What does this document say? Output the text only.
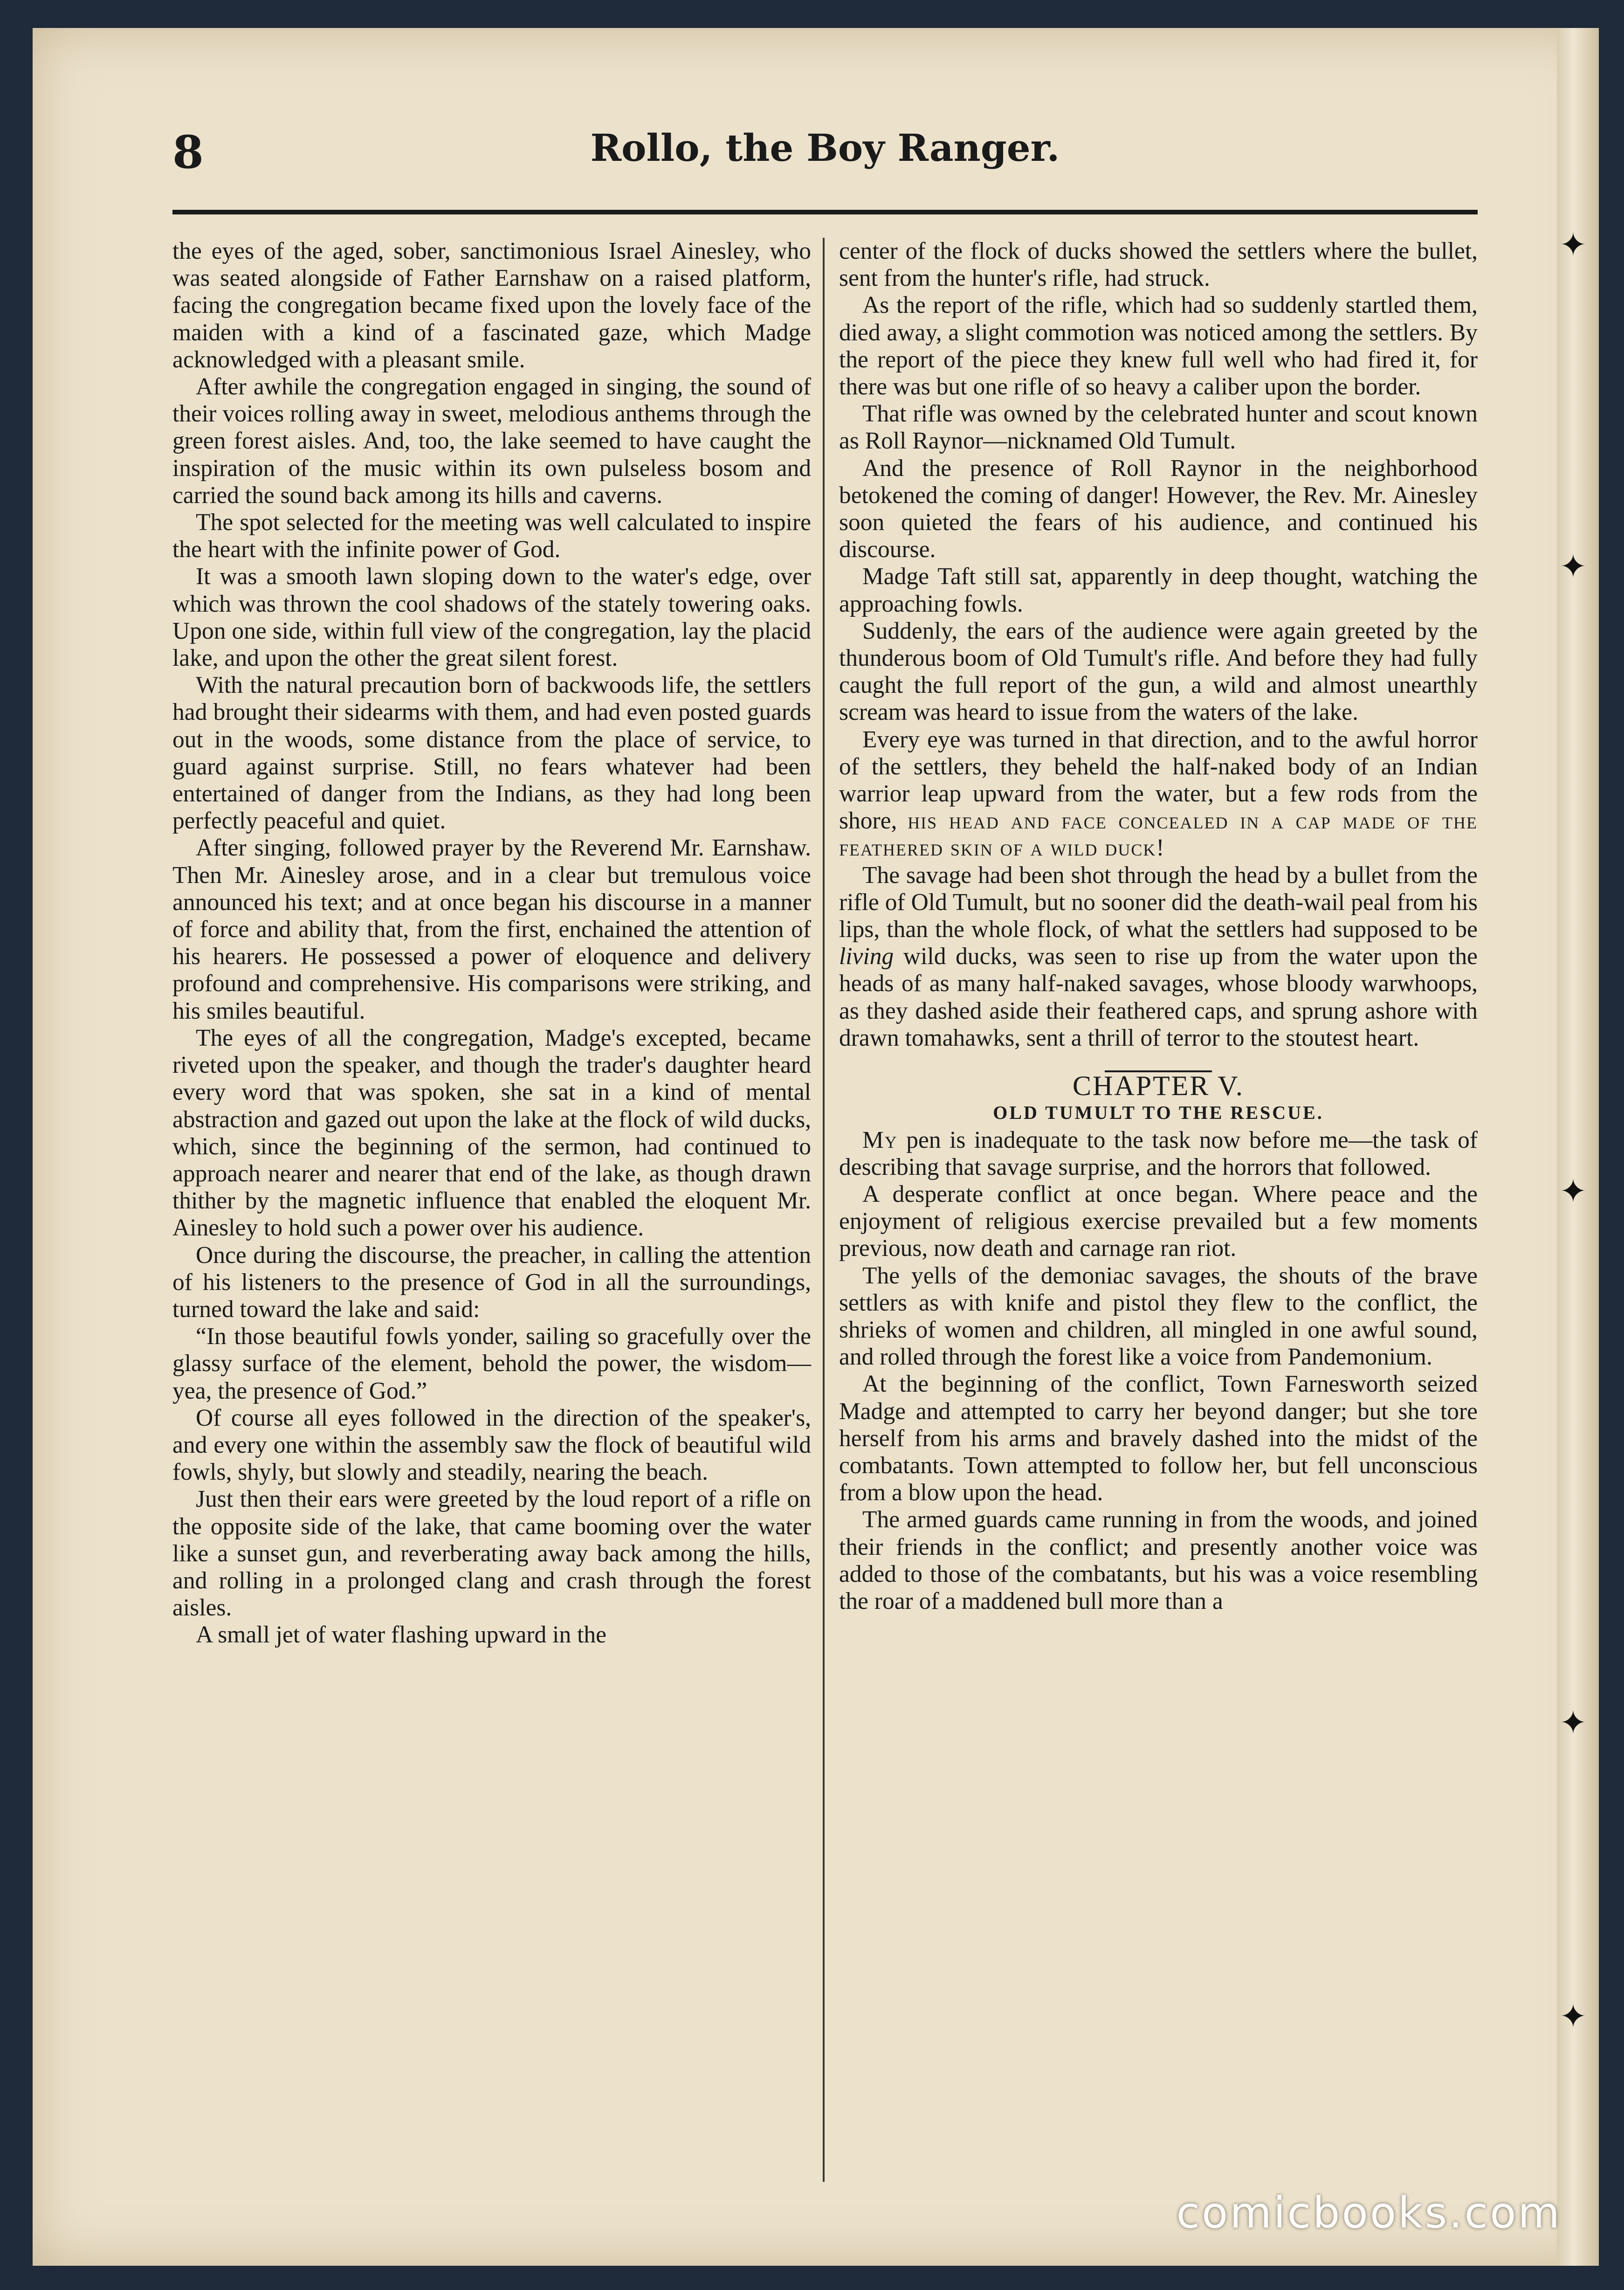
8	Rollo, the Boy Ranger.

the eyes of the aged, sober, sanctimonious Israel Ainesley, who was seated alongside of Father Earnshaw on a raised platform, facing the congregation became fixed upon the lovely face of the maiden with a kind of a fascinated gaze, which Madge acknowledged with a pleasant smile.

After awhile the congregation engaged in singing, the sound of their voices rolling away in sweet, melodious anthems through the green forest aisles. And, too, the lake seemed to have caught the inspiration of the music within its own pulseless bosom and carried the sound back among its hills and caverns.

The spot selected for the meeting was well calculated to inspire the heart with the infinite power of God.

It was a smooth lawn sloping down to the water's edge, over which was thrown the cool shadows of the stately towering oaks. Upon one side, within full view of the congregation, lay the placid lake, and upon the other the great silent forest.

With the natural precaution born of backwoods life, the settlers had brought their sidearms with them, and had even posted guards out in the woods, some distance from the place of service, to guard against surprise. Still, no fears whatever had been entertained of danger from the Indians, as they had long been perfectly peaceful and quiet.

After singing, followed prayer by the Reverend Mr. Earnshaw. Then Mr. Ainesley arose, and in a clear but tremulous voice announced his text; and at once began his discourse in a manner of force and ability that, from the first, enchained the attention of his hearers. He possessed a power of eloquence and delivery profound and comprehensive. His comparisons were striking, and his smiles beautiful.

The eyes of all the congregation, Madge's excepted, became riveted upon the speaker, and though the trader's daughter heard every word that was spoken, she sat in a kind of mental abstraction and gazed out upon the lake at the flock of wild ducks, which, since the beginning of the sermon, had continued to approach nearer and nearer that end of the lake, as though drawn thither by the magnetic influence that enabled the eloquent Mr. Ainesley to hold such a power over his audience.

Once during the discourse, the preacher, in calling the attention of his listeners to the presence of God in all the surroundings, turned toward the lake and said:

“In those beautiful fowls yonder, sailing so gracefully over the glassy surface of the element, behold the power, the wisdom—yea, the presence of God.”

Of course all eyes followed in the direction of the speaker's, and every one within the assembly saw the flock of beautiful wild fowls, shyly, but slowly and steadily, nearing the beach.

Just then their ears were greeted by the loud report of a rifle on the opposite side of the lake, that came booming over the water like a sunset gun, and reverberating away back among the hills, and rolling in a prolonged clang and crash through the forest aisles.

A small jet of water flashing upward in the

center of the flock of ducks showed the settlers where the bullet, sent from the hunter's rifle, had struck.

As the report of the rifle, which had so suddenly startled them, died away, a slight commotion was noticed among the settlers. By the report of the piece they knew full well who had fired it, for there was but one rifle of so heavy a caliber upon the border.

That rifle was owned by the celebrated hunter and scout known as Roll Raynor—nicknamed Old Tumult.

And the presence of Roll Raynor in the neighborhood betokened the coming of danger! However, the Rev. Mr. Ainesley soon quieted the fears of his audience, and continued his discourse.

Madge Taft still sat, apparently in deep thought, watching the approaching fowls.

Suddenly, the ears of the audience were again greeted by the thunderous boom of Old Tumult's rifle. And before they had fully caught the full report of the gun, a wild and almost unearthly scream was heard to issue from the waters of the lake.

Every eye was turned in that direction, and to the awful horror of the settlers, they beheld the half-naked body of an Indian warrior leap upward from the water, but a few rods from the shore, his head and face concealed in a cap made of the feathered skin of a wild duck!

The savage had been shot through the head by a bullet from the rifle of Old Tumult, but no sooner did the death-wail peal from his lips, than the whole flock, of what the settlers had supposed to be living wild ducks, was seen to rise up from the water upon the heads of as many half-naked savages, whose bloody warwhoops, as they dashed aside their feathered caps, and sprung ashore with drawn tomahawks, sent a thrill of terror to the stoutest heart.

CHAPTER V.

OLD TUMULT TO THE RESCUE.

My pen is inadequate to the task now before me—the task of describing that savage surprise, and the horrors that followed.

A desperate conflict at once began. Where peace and the enjoyment of religious exercise prevailed but a few moments previous, now death and carnage ran riot.

The yells of the demoniac savages, the shouts of the brave settlers as with knife and pistol they flew to the conflict, the shrieks of women and children, all mingled in one awful sound, and rolled through the forest like a voice from Pandemonium.

At the beginning of the conflict, Town Farnesworth seized Madge and attempted to carry her beyond danger; but she tore herself from his arms and bravely dashed into the midst of the combatants. Town attempted to follow her, but fell unconscious from a blow upon the head.

The armed guards came running in from the woods, and joined their friends in the conflict; and presently another voice was added to those of the combatants, but his was a voice resembling the roar of a maddened bull more than a

✦
✦
✦
✦
✦
comicbooks.com
